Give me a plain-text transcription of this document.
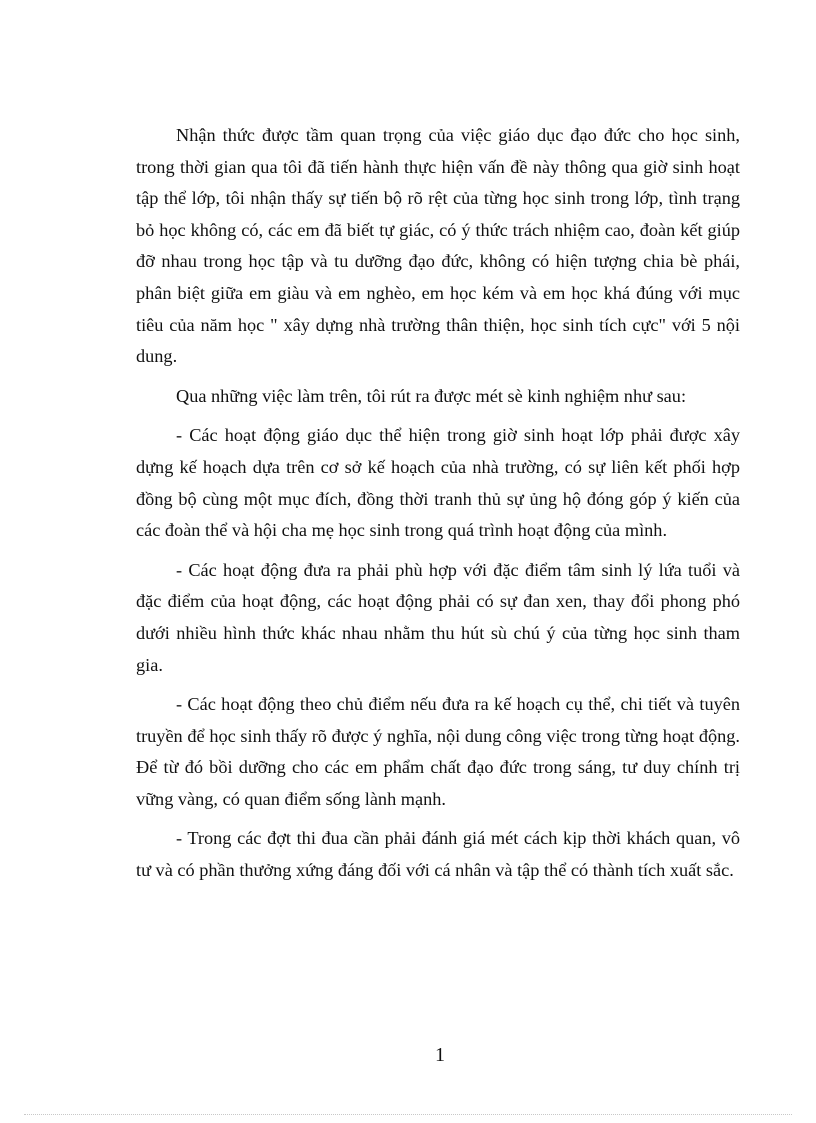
Nhận thức được tầm quan trọng của việc giáo dục đạo đức cho học sinh, trong thời gian qua tôi đã tiến hành thực hiện vấn đề này thông qua giờ sinh hoạt tập thể lớp, tôi nhận thấy sự tiến bộ rõ rệt của từng học sinh trong lớp, tình trạng bỏ học không có, các em đã biết tự giác, có ý thức trách nhiệm cao, đoàn kết giúp đỡ nhau trong học tập và tu dưỡng đạo đức, không có hiện tượng chia bè phái, phân biệt giữa em giàu và em nghèo, em học kém và em học khá đúng với mục tiêu của năm học " xây dựng nhà trường thân thiện, học sinh tích cực" với 5 nội dung.

Qua những việc làm trên, tôi rút ra được mét sè kinh nghiệm như sau:

- Các hoạt động giáo dục thể hiện trong giờ sinh hoạt lớp phải được xây dựng kế hoạch dựa trên cơ sở kế hoạch của nhà trường, có sự liên kết phối hợp đồng bộ cùng một mục đích, đồng thời tranh thủ sự ủng hộ đóng góp ý kiến của các đoàn thể và hội cha mẹ học sinh trong quá trình hoạt động của mình.

- Các hoạt động đưa ra phải phù hợp với đặc điểm tâm sinh lý lứa tuổi và đặc điểm của hoạt động, các hoạt động phải có sự đan xen, thay đổi phong phó dưới nhiều hình thức khác nhau nhằm thu hút sù chú ý của từng học sinh tham gia.

- Các hoạt động theo chủ điểm nếu đưa ra kế hoạch cụ thể, chi tiết và tuyên truyền để học sinh thấy rõ được ý nghĩa, nội dung công việc trong từng hoạt động. Để từ đó bồi dưỡng cho các em phẩm chất đạo đức trong sáng, tư duy chính trị vững vàng, có quan điểm sống lành mạnh.

- Trong các đợt thi đua cần phải đánh giá mét cách kịp thời khách quan, vô tư và có phần thưởng xứng đáng đối với cá nhân và tập thể có thành tích xuất sắc.

1
